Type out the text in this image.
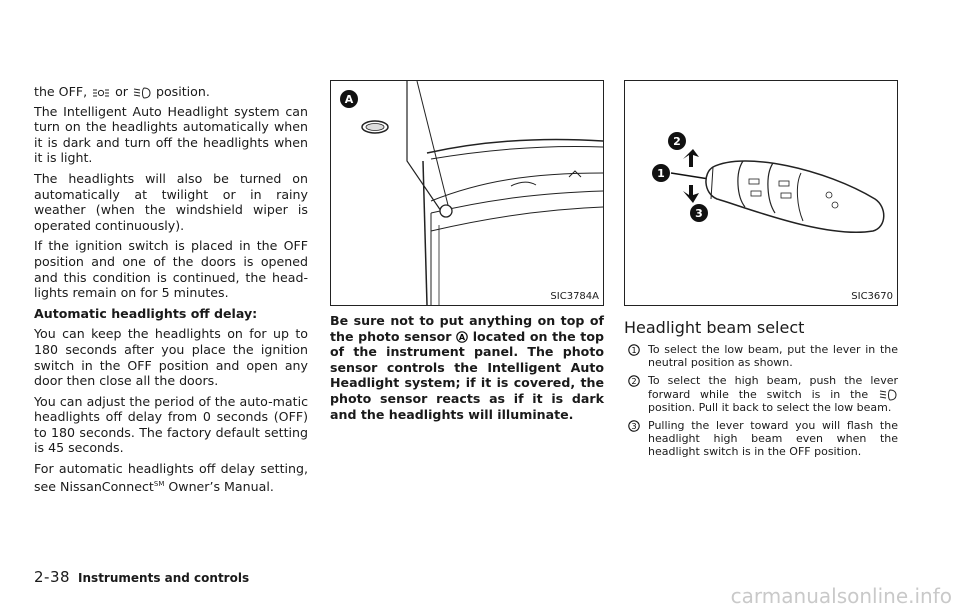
the OFF,  or  position.

The Intelligent Auto Headlight system can turn on the headlights automatically when it is dark and turn off the headlights when it is light.

The headlights will also be turned on automatically at twilight or in rainy weather (when the windshield wiper is operated continuously).

If the ignition switch is placed in the OFF position and one of the doors is opened and this condition is continued, the head-lights remain on for 5 minutes.

Automatic headlights off delay:

You can keep the headlights on for up to 180 seconds after you place the ignition switch in the OFF position and open any door then close all the doors.

You can adjust the period of the auto-matic headlights off delay from 0 seconds (OFF) to 180 seconds. The factory default setting is 45 seconds.

For automatic headlights off delay setting, see NissanConnect℠ Owner’s Manual.

A
SIC3784A
Be sure not to put anything on top of the photo sensor A located on the top of the instrument panel. The photo sensor controls the Intelligent Auto Headlight system; if it is covered, the photo sensor reacts as if it is dark and the headlights will illuminate.
2
1
3
SIC3670
Headlight beam select
1 To select the low beam, put the lever in the neutral position as shown.
2 To select the high beam, push the lever forward while the switch is in the  position. Pull it back to select the low beam.
3 Pulling the lever toward you will flash the headlight high beam even when the headlight switch is in the OFF position.
2-38 Instruments and controls
carmanualsonline.info
